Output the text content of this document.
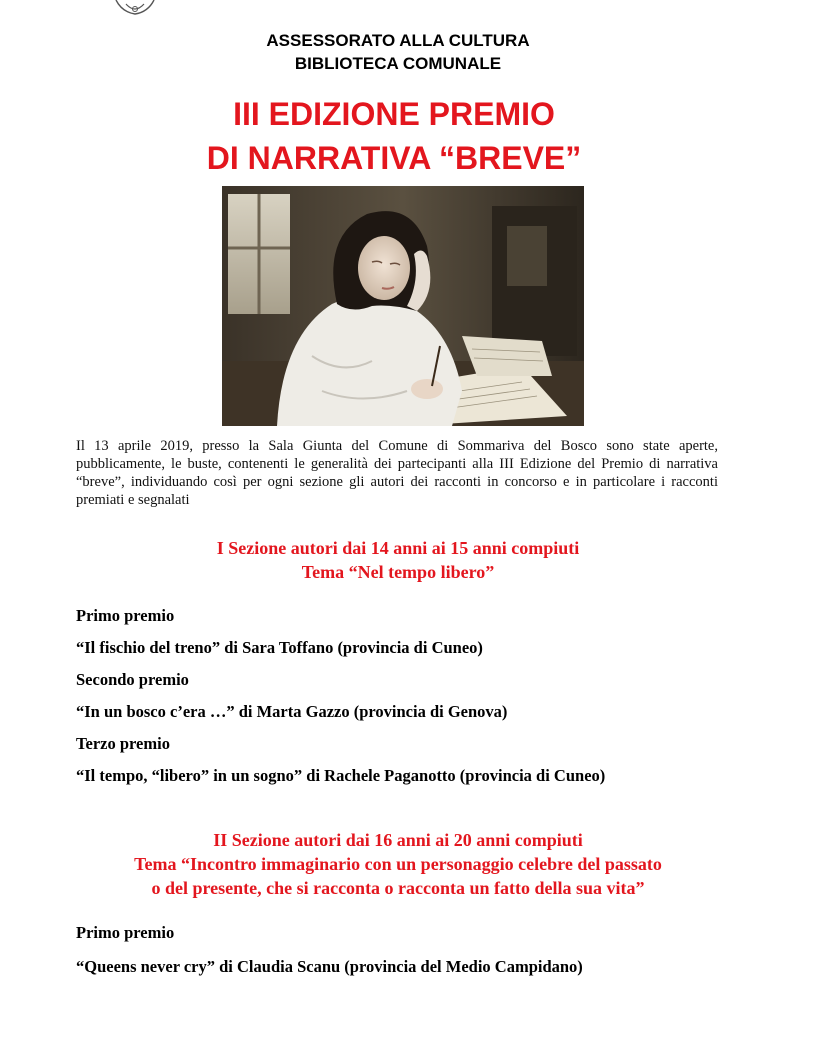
ASSESSORATO ALLA CULTURA
BIBLIOTECA COMUNALE
III EDIZIONE PREMIO
DI NARRATIVA “BREVE”
Il 13 aprile 2019, presso la Sala Giunta del Comune di Sommariva del Bosco sono state aperte, pubblicamente, le buste, contenenti le generalità dei partecipanti alla III Edizione del Premio di narrativa “breve”, individuando così per ogni sezione gli autori dei racconti in concorso e in particolare i racconti premiati e segnalati
I Sezione autori dai 14 anni ai 15 anni compiuti
Tema “Nel tempo libero”
Primo premio
“Il fischio del treno” di Sara Toffano (provincia di Cuneo)
Secondo premio
“In un bosco c’era …” di Marta Gazzo (provincia di Genova)
Terzo premio
“Il tempo, “libero” in un sogno” di Rachele Paganotto (provincia di Cuneo)
II Sezione autori dai 16 anni ai 20 anni compiuti
Tema “Incontro immaginario con un personaggio celebre del passato
o del presente, che si racconta o racconta un fatto della sua vita”
Primo premio
“Queens never cry” di Claudia Scanu (provincia del Medio Campidano)
